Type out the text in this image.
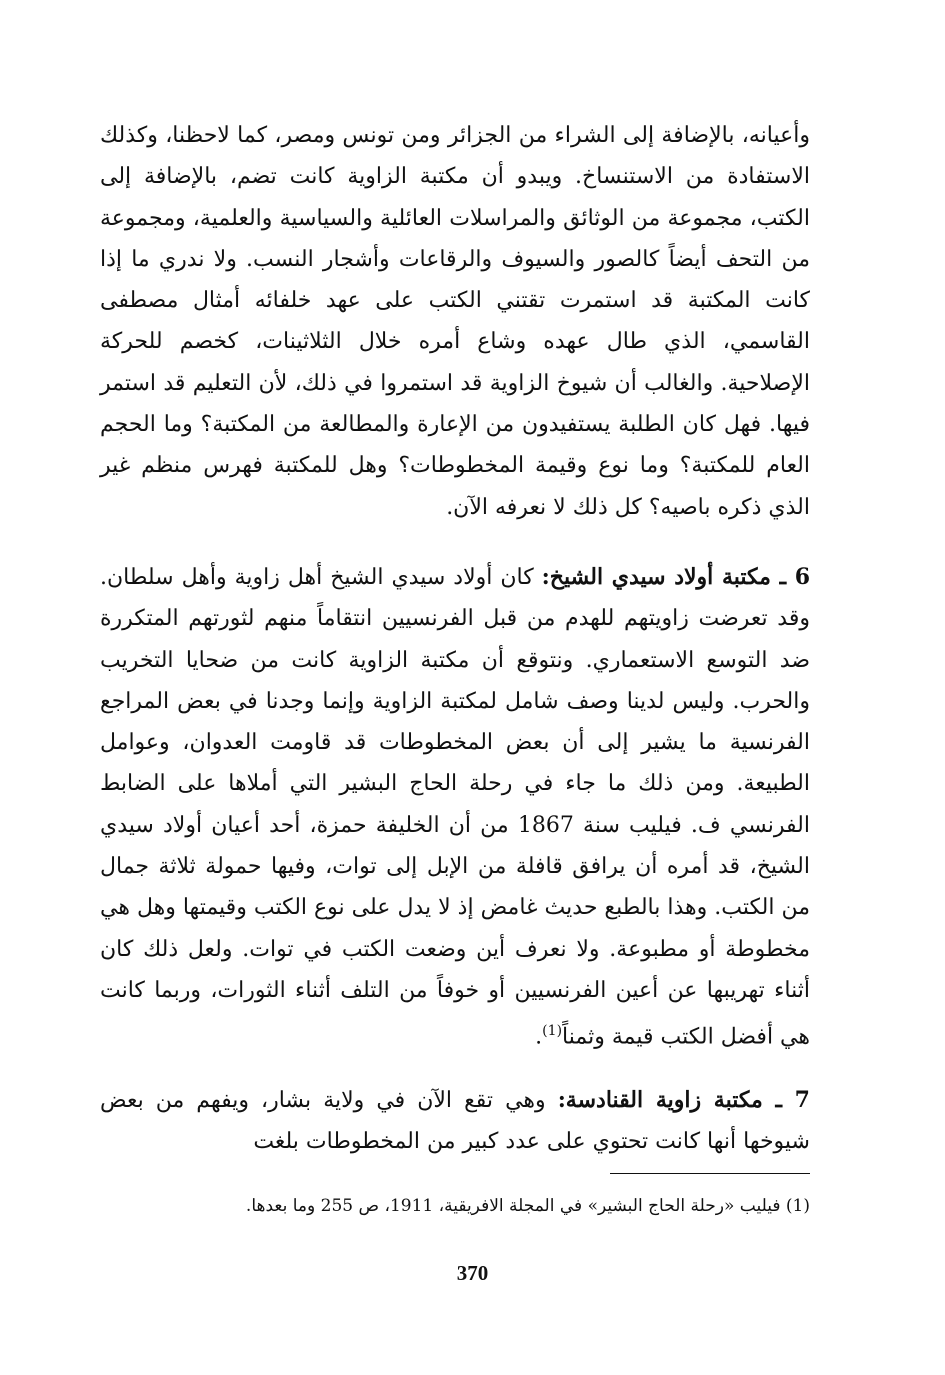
وأعيانه، بالإضافة إلى الشراء من الجزائر ومن تونس ومصر، كما لاحظنا، وكذلك الاستفادة من الاستنساخ. ويبدو أن مكتبة الزاوية كانت تضم، بالإضافة إلى الكتب، مجموعة من الوثائق والمراسلات العائلية والسياسية والعلمية، ومجموعة من التحف أيضاً كالصور والسيوف والرقاعات وأشجار النسب. ولا ندري ما إذا كانت المكتبة قد استمرت تقتني الكتب على عهد خلفائه أمثال مصطفى القاسمي، الذي طال عهده وشاع أمره خلال الثلاثينات، كخصم للحركة الإصلاحية. والغالب أن شيوخ الزاوية قد استمروا في ذلك، لأن التعليم قد استمر فيها. فهل كان الطلبة يستفيدون من الإعارة والمطالعة من المكتبة؟ وما الحجم العام للمكتبة؟ وما نوع وقيمة المخطوطات؟ وهل للمكتبة فهرس منظم غير الذي ذكره باصيه؟ كل ذلك لا نعرفه الآن.

6 ـ مكتبة أولاد سيدي الشيخ: كان أولاد سيدي الشيخ أهل زاوية وأهل سلطان. وقد تعرضت زاويتهم للهدم من قبل الفرنسيين انتقاماً منهم لثورتهم المتكررة ضد التوسع الاستعماري. ونتوقع أن مكتبة الزاوية كانت من ضحايا التخريب والحرب. وليس لدينا وصف شامل لمكتبة الزاوية وإنما وجدنا في بعض المراجع الفرنسية ما يشير إلى أن بعض المخطوطات قد قاومت العدوان، وعوامل الطبيعة. ومن ذلك ما جاء في رحلة الحاج البشير التي أملاها على الضابط الفرنسي ف. فيليب سنة 1867 من أن الخليفة حمزة، أحد أعيان أولاد سيدي الشيخ، قد أمره أن يرافق قافلة من الإبل إلى توات، وفيها حمولة ثلاثة جمال من الكتب. وهذا بالطبع حديث غامض إذ لا يدل على نوع الكتب وقيمتها وهل هي مخطوطة أو مطبوعة. ولا نعرف أين وضعت الكتب في توات. ولعل ذلك كان أثناء تهريبها عن أعين الفرنسيين أو خوفاً من التلف أثناء الثورات، وربما كانت هي أفضل الكتب قيمة وثمناً$^{(1)}$.

7 ـ مكتبة زاوية القنادسة: وهي تقع الآن في ولاية بشار، ويفهم من بعض شيوخها أنها كانت تحتوي على عدد كبير من المخطوطات بلغت

(1) فيليب «رحلة الحاج البشير» في المجلة الافريقية، 1911، ص 255 وما بعدها.

370
